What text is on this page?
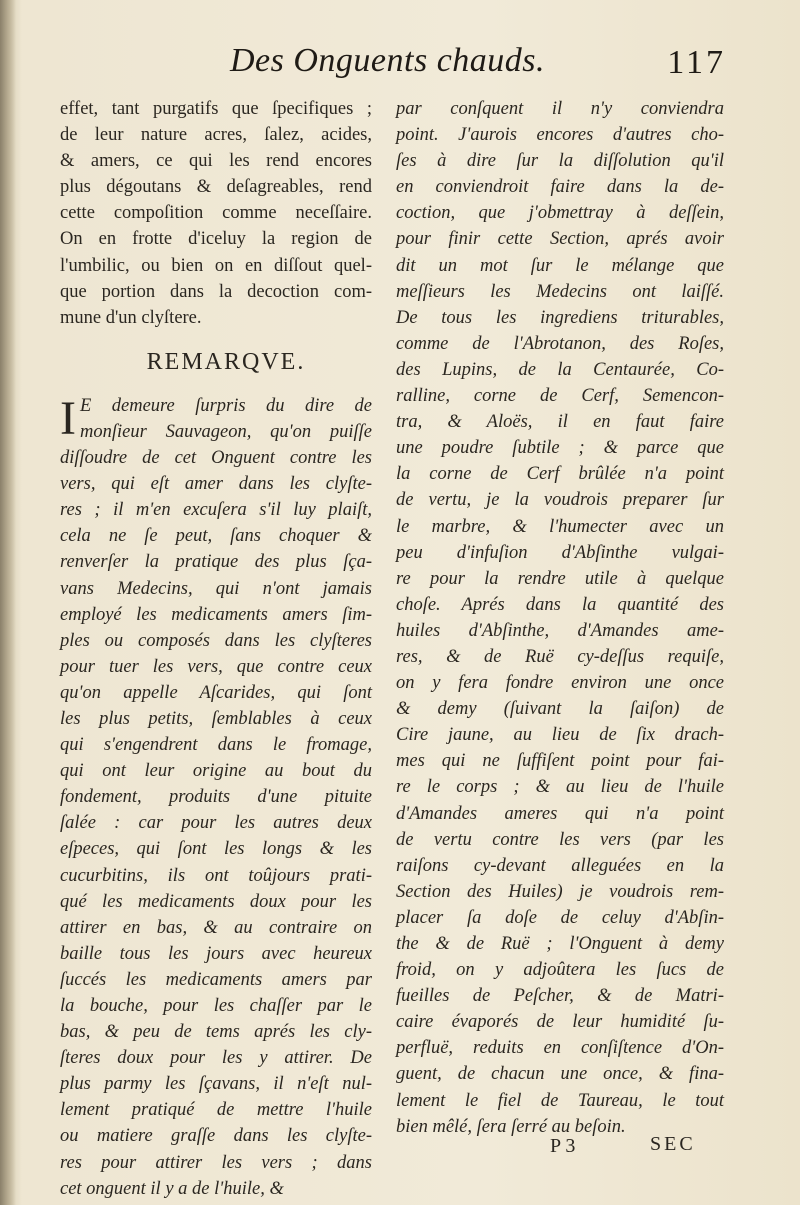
Des Onguents chauds.	117
effet, tant purgatifs que ſpecifiques ;
de leur nature acres, ſalez, acides,
& amers, ce qui les rend encores
plus dégoutans & deſagreables, rend
cette compoſition comme neceſſaire.
On en frotte d'iceluy la region de
l'umbilic, ou bien on en diſſout quel-
que portion dans la decoction com-
mune d'un clyſtere.
REMARQVE.
I E demeure ſurpris du dire de
monſieur Sauvageon, qu'on puiſſe
diſſoudre de cet Onguent contre les
vers, qui eſt amer dans les clyſte-
res ; il m'en excuſera s'il luy plaiſt,
cela ne ſe peut, ſans choquer &
renverſer la pratique des plus ſça-
vans Medecins, qui n'ont jamais
employé les medicaments amers ſim-
ples ou composés dans les clyſteres
pour tuer les vers, que contre ceux
qu'on appelle Aſcarides, qui ſont
les plus petits, ſemblables à ceux
qui s'engendrent dans le fromage,
qui ont leur origine au bout du
fondement, produits d'une pituite
ſalée : car pour les autres deux
eſpeces, qui ſont les longs & les
cucurbitins, ils ont toûjours prati-
qué les medicaments doux pour les
attirer en bas, & au contraire on
baille tous les jours avec heureux
ſuccés les medicaments amers par
la bouche, pour les chaſſer par le
bas, & peu de tems aprés les cly-
ſteres doux pour les y attirer. De
plus parmy les ſçavans, il n'eſt nul-
lement pratiqué de mettre l'huile
ou matiere graſſe dans les clyſte-
res pour attirer les vers ; dans
cet onguent il y a de l'huile, &
par conſquent il n'y conviendra
point. J'aurois encores d'autres cho-
ſes à dire ſur la diſſolution qu'il
en conviendroit faire dans la de-
coction, que j'obmettray à deſſein,
pour finir cette Section, aprés avoir
dit un mot ſur le mélange que
meſſieurs les Medecins ont laiſſé.
De tous les ingrediens triturables,
comme de l'Abrotanon, des Roſes,
des Lupins, de la Centaurée, Co-
ralline, corne de Cerf, Semencon-
tra, & Aloës, il en faut faire
une poudre ſubtile ; & parce que
la corne de Cerf brûlée n'a point
de vertu, je la voudrois preparer ſur
le marbre, & l'humecter avec un
peu d'infuſion d'Abſinthe vulgai-
re pour la rendre utile à quelque
choſe. Aprés dans la quantité des
huiles d'Abſinthe, d'Amandes ame-
res, & de Ruë cy-deſſus requiſe,
on y fera fondre environ une once
& demy (ſuivant la ſaiſon) de
Cire jaune, au lieu de ſix drach-
mes qui ne ſuffiſent point pour fai-
re le corps ; & au lieu de l'huile
d'Amandes ameres qui n'a point
de vertu contre les vers (par les
raiſons cy-devant alleguées en la
Section des Huiles) je voudrois rem-
placer ſa doſe de celuy d'Abſin-
the & de Ruë ; l'Onguent à demy
froid, on y adjoûtera les ſucs de
fueilles de Peſcher, & de Matri-
caire évaporés de leur humidité ſu-
perfluë, reduits en conſiſtence d'On-
guent, de chacun une once, & fina-
lement le fiel de Taureau, le tout
bien mêlé, ſera ſerré au beſoin.
P 3	SEC
